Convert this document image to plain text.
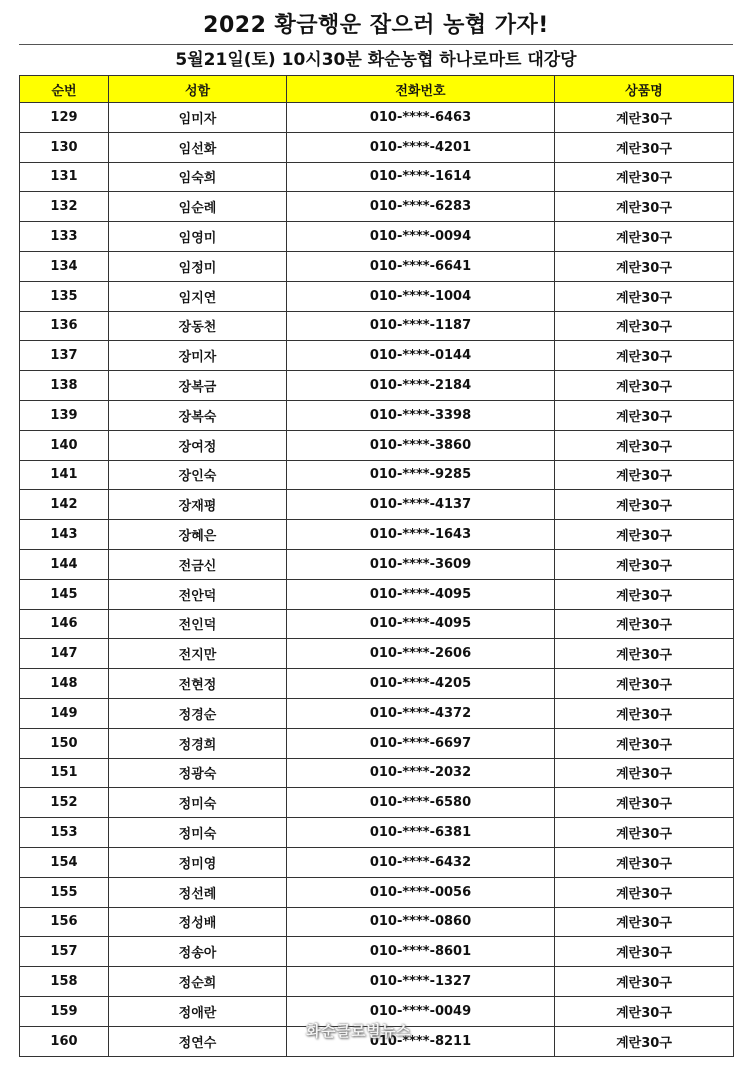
2022 황금행운 잡으러 농협 가자!
5월21일(토) 10시30분 화순농협 하나로마트 대강당
순번	성함	전화번호	상품명
129	임미자	010-****-6463	계란30구
130	임선화	010-****-4201	계란30구
131	임숙희	010-****-1614	계란30구
132	임순례	010-****-6283	계란30구
133	임영미	010-****-0094	계란30구
134	임정미	010-****-6641	계란30구
135	임지연	010-****-1004	계란30구
136	장동천	010-****-1187	계란30구
137	장미자	010-****-0144	계란30구
138	장복금	010-****-2184	계란30구
139	장복숙	010-****-3398	계란30구
140	장여정	010-****-3860	계란30구
141	장인숙	010-****-9285	계란30구
142	장재평	010-****-4137	계란30구
143	장혜은	010-****-1643	계란30구
144	전금신	010-****-3609	계란30구
145	전안덕	010-****-4095	계란30구
146	전인덕	010-****-4095	계란30구
147	전지만	010-****-2606	계란30구
148	전현정	010-****-4205	계란30구
149	정경순	010-****-4372	계란30구
150	정경희	010-****-6697	계란30구
151	정광숙	010-****-2032	계란30구
152	정미숙	010-****-6580	계란30구
153	정미숙	010-****-6381	계란30구
154	정미영	010-****-6432	계란30구
155	정선례	010-****-0056	계란30구
156	정성배	010-****-0860	계란30구
157	정송아	010-****-8601	계란30구
158	정순희	010-****-1327	계란30구
159	정애란	010-****-0049	계란30구
160	정연수	010-****-8211	계란30구
화순클로벌뉴스
